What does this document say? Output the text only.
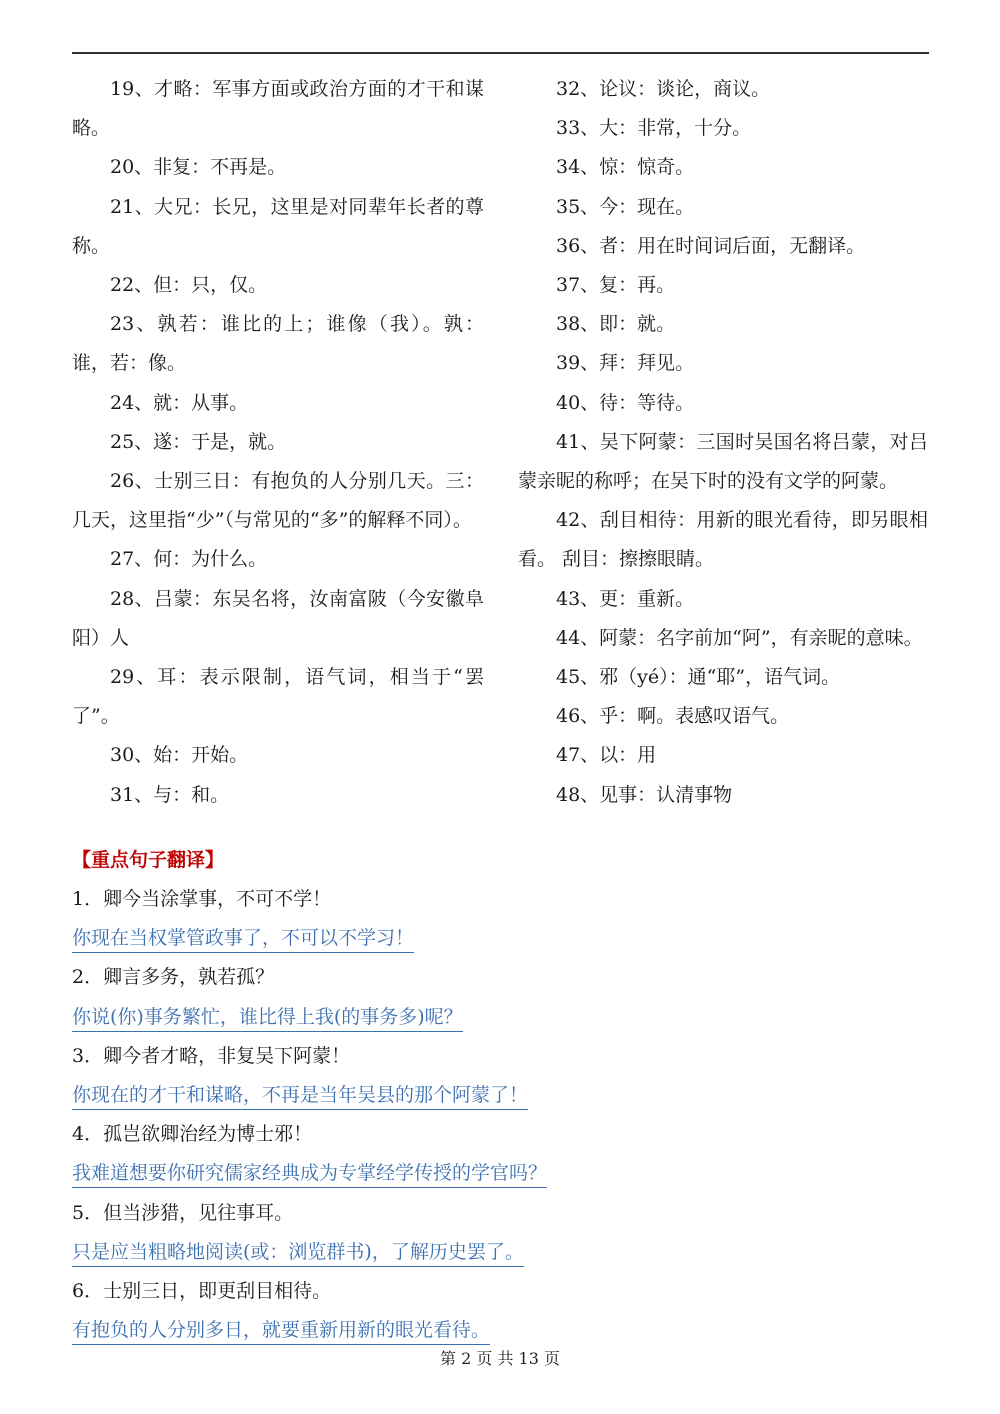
19、才略：军事方面或政治方面的才干和谋略。

20、非复：不再是。

21、大兄：长兄，这里是对同辈年长者的尊称。

22、但：只，仅。

23、孰若：谁比的上；谁像（我）。孰：谁，若：像。

24、就：从事。

25、遂：于是，就。

26、士别三日：有抱负的人分别几天。三：几天，这里指“少”（与常见的“多”的解释不同）。

27、何：为什么。

28、吕蒙：东吴名将，汝南富陂（今安徽阜阳）人

29、耳：表示限制，语气词，相当于“罢了”。

30、始：开始。

31、与：和。

32、论议：谈论，商议。

33、大：非常，十分。

34、惊：惊奇。

35、今：现在。

36、者：用在时间词后面，无翻译。

37、复：再。

38、即：就。

39、拜：拜见。

40、待：等待。

41、吴下阿蒙：三国时吴国名将吕蒙，对吕蒙亲昵的称呼；在吴下时的没有文学的阿蒙。

42、刮目相待：用新的眼光看待，即另眼相看。 刮目：擦擦眼睛。

43、更：重新。

44、阿蒙：名字前加“阿”，有亲昵的意味。

45、邪（yé）：通“耶”，语气词。

46、乎：啊。表感叹语气。

47、以：用

48、见事：认清事物

【重点句子翻译】

1．卿今当涂掌事，不可不学！

你现在当权掌管政事了，不可以不学习！

2．卿言多务，孰若孤？

你说(你)事务繁忙，谁比得上我(的事务多)呢？

3．卿今者才略，非复吴下阿蒙！

你现在的才干和谋略，不再是当年吴县的那个阿蒙了！

4．孤岂欲卿治经为博士邪！

我难道想要你研究儒家经典成为专掌经学传授的学官吗？

5．但当涉猎，见往事耳。

只是应当粗略地阅读(或：浏览群书)，了解历史罢了。

6．士别三日，即更刮目相待。

有抱负的人分别多日，就要重新用新的眼光看待。

第 2 页 共 13 页
